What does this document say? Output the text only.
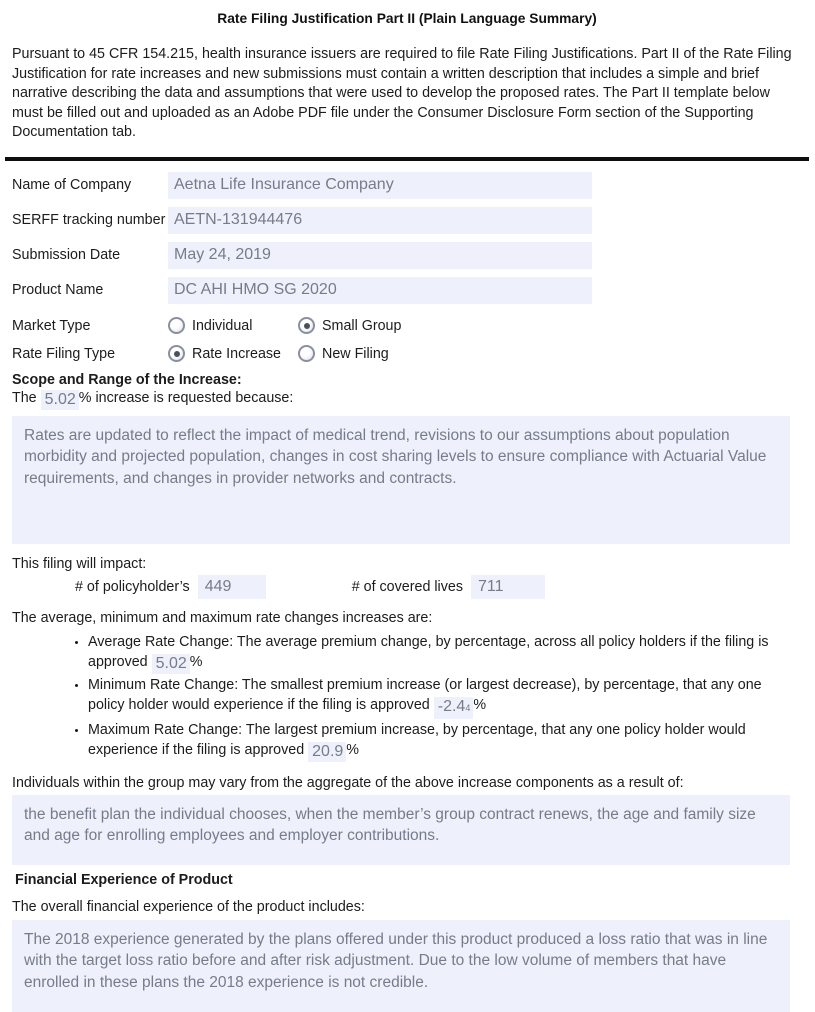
Rate Filing Justification Part II (Plain Language Summary)

Pursuant to 45 CFR 154.215, health insurance issuers are required to file Rate Filing Justifications. Part II of the Rate Filing Justification for rate increases and new submissions must contain a written description that includes a simple and brief narrative describing the data and assumptions that were used to develop the proposed rates. The Part II template below must be filled out and uploaded as an Adobe PDF file under the Consumer Disclosure Form section of the Supporting Documentation tab.

Name of Company	Aetna Life Insurance Company
SERFF tracking number AETN-131944476
Submission Date	May 24, 2019
Product Name	DC AHI HMO SG 2020
Market Type	Individual	Small Group
Rate Filing Type	Rate Increase	New Filing
Scope and Range of the Increase:
The 5.02 % increase is requested because:
Rates are updated to reflect the impact of medical trend, revisions to our assumptions about population morbidity and projected population, changes in cost sharing levels to ensure compliance with Actuarial Value requirements, and changes in provider networks and contracts.
This filing will impact:
# of policyholder’s 449	# of covered lives 711
The average, minimum and maximum rate changes increases are:
• Average Rate Change: The average premium change, by percentage, across all policy holders if the filing is approved 5.02 %
• Minimum Rate Change: The smallest premium increase (or largest decrease), by percentage, that any one policy holder would experience if the filing is approved -2.44 %
• Maximum Rate Change: The largest premium increase, by percentage, that any one policy holder would experience if the filing is approved 20.9 %
Individuals within the group may vary from the aggregate of the above increase components as a result of:
the benefit plan the individual chooses, when the member’s group contract renews, the age and family size and age for enrolling employees and employer contributions.
Financial Experience of Product
The overall financial experience of the product includes:
The 2018 experience generated by the plans offered under this product produced a loss ratio that was in line with the target loss ratio before and after risk adjustment. Due to the low volume of members that have enrolled in these plans the 2018 experience is not credible.
